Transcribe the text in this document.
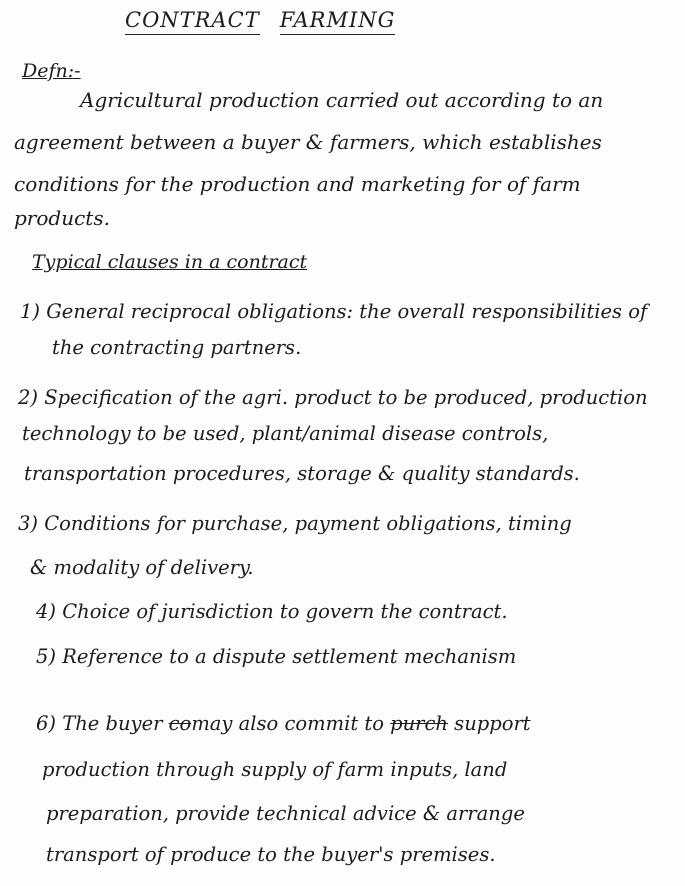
CONTRACT FARMING
Defn:-
Agricultural production carried out according to an
agreement between a buyer & farmers, which establishes
conditions for the production and marketing for of farm
products.
Typical clauses in a contract
1) General reciprocal obligations: the overall responsibilities of
the contracting partners.
2) Specification of the agri. product to be produced, production
technology to be used, plant/animal disease controls,
transportation procedures, storage & quality standards.
3) Conditions for purchase, payment obligations, timing
& modality of delivery.
4) Choice of jurisdiction to govern the contract.
5) Reference to a dispute settlement mechanism
6) The buyer comay also commit to purch support
production through supply of farm inputs, land
preparation, provide technical advice & arrange
transport of produce to the buyer's premises.
